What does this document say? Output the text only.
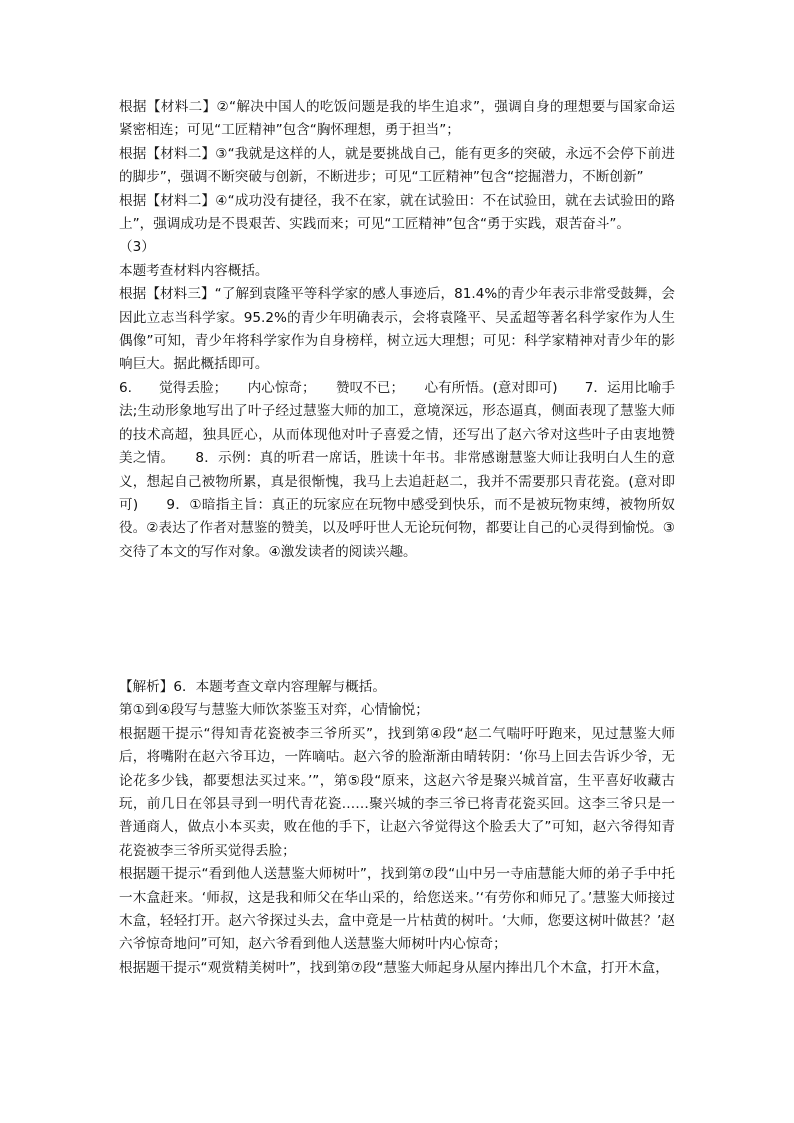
根据【材料二】②“解决中国人的吃饭问题是我的毕生追求”，强调自身的理想要与国家命运紧密相连；可见“工匠精神”包含“胸怀理想，勇于担当”；

根据【材料二】③“我就是这样的人，就是要挑战自己，能有更多的突破，永远不会停下前进的脚步”，强调不断突破与创新，不断进步；可见“工匠精神”包含“挖掘潜力，不断创新”

根据【材料二】④“成功没有捷径，我不在家，就在试验田：不在试验田，就在去试验田的路上”，强调成功是不畏艰苦、实践而来；可见“工匠精神”包含“勇于实践，艰苦奋斗”。

（3）

本题考查材料内容概括。

根据【材料三】“了解到袁隆平等科学家的感人事迹后，81.4%的青少年表示非常受鼓舞，会因此立志当科学家。95.2%的青少年明确表示，会将袁隆平、吴孟超等著名科学家作为人生偶像”可知，青少年将科学家作为自身榜样，树立远大理想；可见：科学家精神对青少年的影响巨大。据此概括即可。

6.　　觉得丢脸；　　内心惊奇；　　赞叹不已；　　心有所悟。(意对即可)　　7．运用比喻手法;生动形象地写出了叶子经过慧鉴大师的加工，意境深远，形态逼真，侧面表现了慧鉴大师的技术高超，独具匠心，从而体现他对叶子喜爱之情，还写出了赵六爷对这些叶子由衷地赞美之情。　　8．示例：真的听君一席话，胜读十年书。非常感谢慧鉴大师让我明白人生的意义，想起自己被物所累，真是很惭愧，我马上去追赶赵二，我并不需要那只青花瓷。(意对即可)　　9．①暗指主旨：真正的玩家应在玩物中感受到快乐，而不是被玩物束缚，被物所奴役。②表达了作者对慧鉴的赞美，以及呼吁世人无论玩何物，都要让自己的心灵得到愉悦。③交待了本文的写作对象。④激发读者的阅读兴趣。

【解析】6．本题考查文章内容理解与概括。

第①到④段写与慧鉴大师饮茶鉴玉对弈，心情愉悦；

根据题干提示“得知青花瓷被李三爷所买”，找到第④段“赵二气喘吁吁跑来，见过慧鉴大师后，将嘴附在赵六爷耳边，一阵嘀咕。赵六爷的脸渐渐由晴转阴：‘你马上回去告诉少爷，无论花多少钱，都要想法买过来。’”，第⑤段“原来，这赵六爷是聚兴城首富，生平喜好收藏古玩，前几日在邻县寻到一明代青花瓷……聚兴城的李三爷已将青花瓷买回。这李三爷只是一普通商人，做点小本买卖，败在他的手下，让赵六爷觉得这个脸丢大了”可知，赵六爷得知青花瓷被李三爷所买觉得丢脸；

根据题干提示“看到他人送慧鉴大师树叶”，找到第⑦段“山中另一寺庙慧能大师的弟子手中托一木盒赶来。‘师叔，这是我和师父在华山采的，给您送来。’‘有劳你和师兄了。’慧鉴大师接过木盒，轻轻打开。赵六爷探过头去，盒中竟是一片枯黄的树叶。‘大师，您要这树叶做甚？’赵六爷惊奇地问”可知，赵六爷看到他人送慧鉴大师树叶内心惊奇；

根据题干提示“观赏精美树叶”，找到第⑦段“慧鉴大师起身从屋内捧出几个木盒，打开木盒，
